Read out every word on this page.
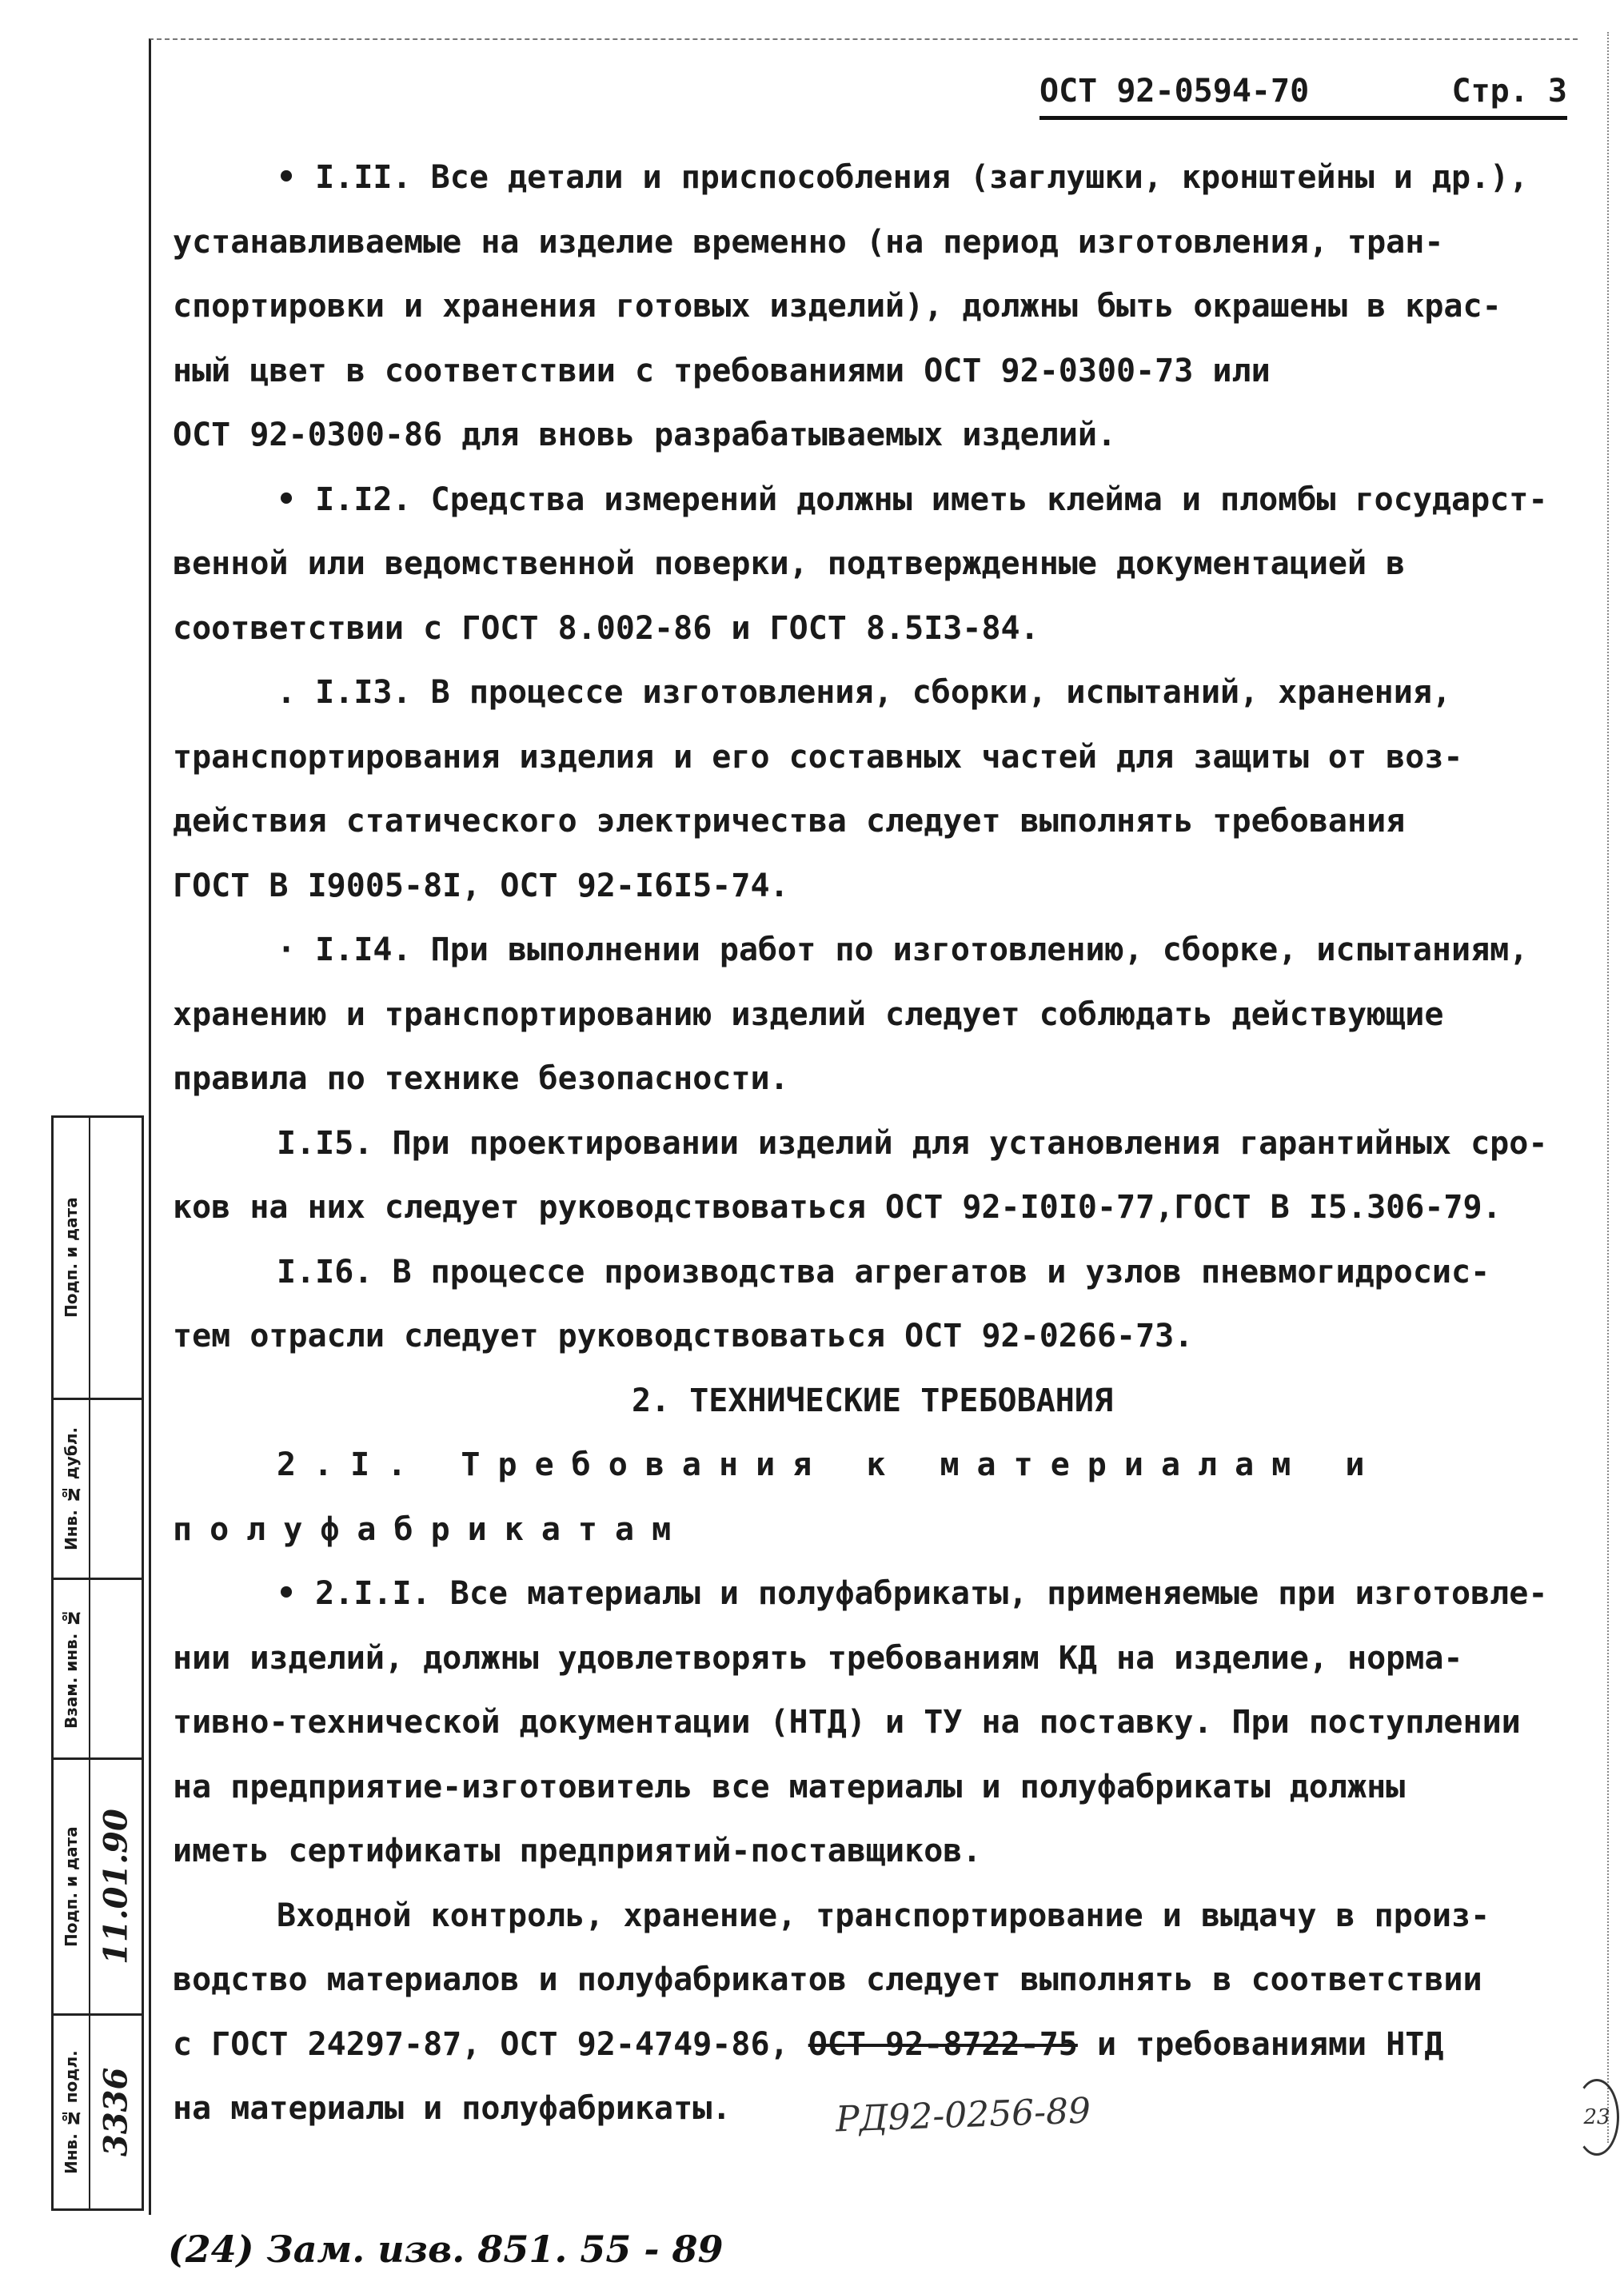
ОСТ 92-0594-70	Стр. 3
• I.II. Все детали и приспособления (заглушки, кронштейны и др.),
устанавливаемые на изделие временно (на период изготовления, тран-
спортировки и хранения готовых изделий), должны быть окрашены в крас-
ный цвет в соответствии с требованиями ОСТ 92-0300-73 или
ОСТ 92-0300-86 для вновь разрабатываемых изделий.
• I.I2. Средства измерений должны иметь клейма и пломбы государст-
венной или ведомственной поверки, подтвержденные документацией в
соответствии с ГОСТ 8.002-86 и ГОСТ 8.5I3-84.
. I.I3. В процессе изготовления, сборки, испытаний, хранения,
транспортирования изделия и его составных частей для защиты от воз-
действия статического электричества следует выполнять требования
ГОСТ В I9005-8I, ОСТ 92-I6I5-74.
· I.I4. При выполнении работ по изготовлению, сборке, испытаниям,
хранению и транспортированию изделий следует соблюдать действующие
правила по технике безопасности.
I.I5. При проектировании изделий для установления гарантийных сро-
ков на них следует руководствоваться ОСТ 92-I0I0-77,ГОСТ В I5.306-79.
I.I6. В процессе производства агрегатов и узлов пневмогидросис-
тем отрасли следует руководствоваться ОСТ 92-0266-73.
2. ТЕХНИЧЕСКИЕ ТРЕБОВАНИЯ
2.I. Требования к материалам и
полуфабрикатам
• 2.I.I. Все материалы и полуфабрикаты, применяемые при изготовле-
нии изделий, должны удовлетворять требованиям КД на изделие, норма-
тивно-технической документации (НТД) и ТУ на поставку. При поступлении
на предприятие-изготовитель все материалы и полуфабрикаты должны
иметь сертификаты предприятий-поставщиков.
Входной контроль, хранение, транспортирование и выдачу в произ-
водство материалов и полуфабрикатов следует выполнять в соответствии
с ГОСТ 24297-87, ОСТ 92-4749-86, ОСТ 92-8722-75 и требованиями НТД
на материалы и полуфабрикаты.	РД92-0256-89
(24) Зам. изв. 851. 55 - 89
23
Подп. и дата
Инв. № дубл.
Взам. инв. №
Подп. и дата 11.01.90
Инв. № подл. 3336
